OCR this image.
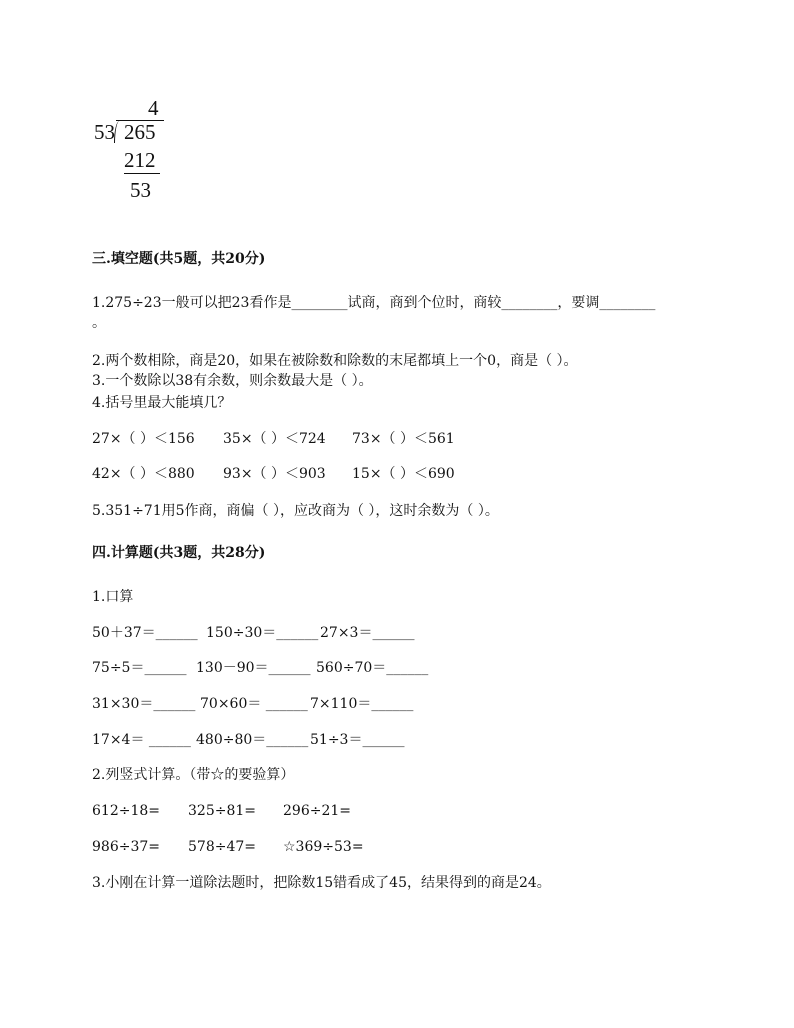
4
53 265
212
53
三.填空题(共5题，共20分)
1.275÷23一般可以把23看作是________试商，商到个位时，商较________，要调________
。
2.两个数相除，商是20，如果在被除数和除数的末尾都填上一个0，商是（ ）。
3.一个数除以38有余数，则余数最大是（ ）。
4.括号里最大能填几？
27×（ ）＜156 35×（ ）＜724 73×（ ）＜561
42×（ ）＜880 93×（ ）＜903 15×（ ）＜690
5.351÷71用5作商，商偏（ ），应改商为（ ），这时余数为（ ）。
四.计算题(共3题，共28分)
1.口算
50＋37＝______ 150÷30＝______ 27×3＝______
75÷5＝______ 130－90＝______ 560÷70＝______
31×30＝______ 70×60＝ ______ 7×110＝______
17×4＝ ______ 480÷80＝______ 51÷3＝______
2.列竖式计算。（带☆的要验算）
612÷18= 325÷81= 296÷21=
986÷37= 578÷47= ☆369÷53=
3.小刚在计算一道除法题时，把除数15错看成了45，结果得到的商是24。
